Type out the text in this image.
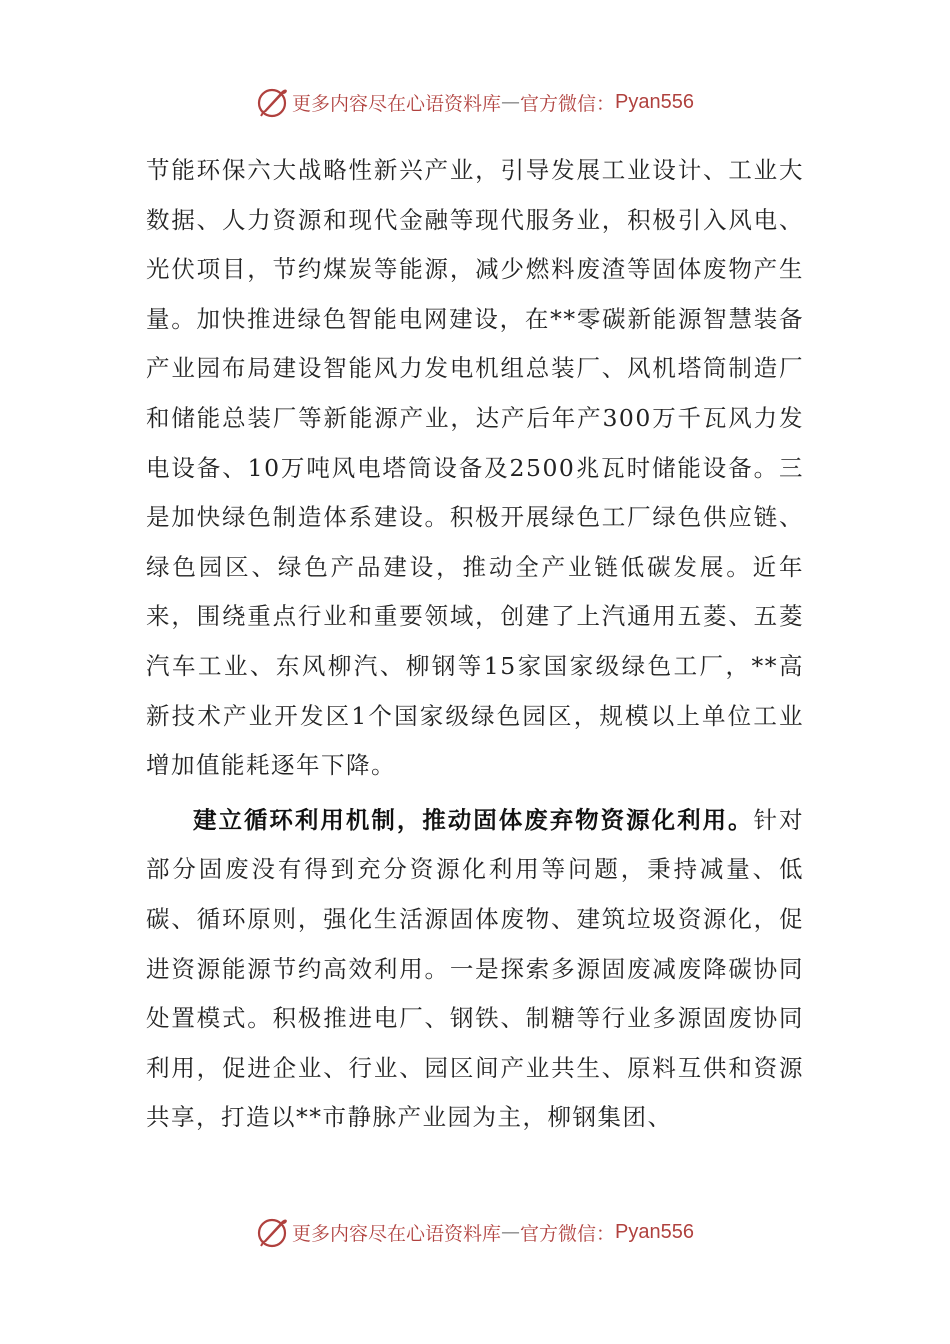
更多内容尽在心语资料库 — 官方微信： Pyan556

节能环保六大战略性新兴产业，引导发展工业设计、工业大数据、人力资源和现代金融等现代服务业，积极引入风电、光伏项目，节约煤炭等能源，减少燃料废渣等固体废物产生量。加快推进绿色智能电网建设，在**零碳新能源智慧装备产业园布局建设智能风力发电机组总装厂、风机塔筒制造厂和储能总装厂等新能源产业，达产后年产300万千瓦风力发电设备、10万吨风电塔筒设备及2500兆瓦时储能设备。三是加快绿色制造体系建设。积极开展绿色工厂绿色供应链、绿色园区、绿色产品建设，推动全产业链低碳发展。近年来，围绕重点行业和重要领域，创建了上汽通用五菱、五菱汽车工业、东风柳汽、柳钢等15家国家级绿色工厂，**高新技术产业开发区1个国家级绿色园区，规模以上单位工业增加值能耗逐年下降。

建立循环利用机制，推动固体废弃物资源化利用。针对部分固废没有得到充分资源化利用等问题，秉持减量、低碳、循环原则，强化生活源固体废物、建筑垃圾资源化，促进资源能源节约高效利用。一是探索多源固废减废降碳协同处置模式。积极推进电厂、钢铁、制糖等行业多源固废协同利用，促进企业、行业、园区间产业共生、原料互供和资源共享，打造以**市静脉产业园为主，柳钢集团、

更多内容尽在心语资料库 — 官方微信： Pyan556
